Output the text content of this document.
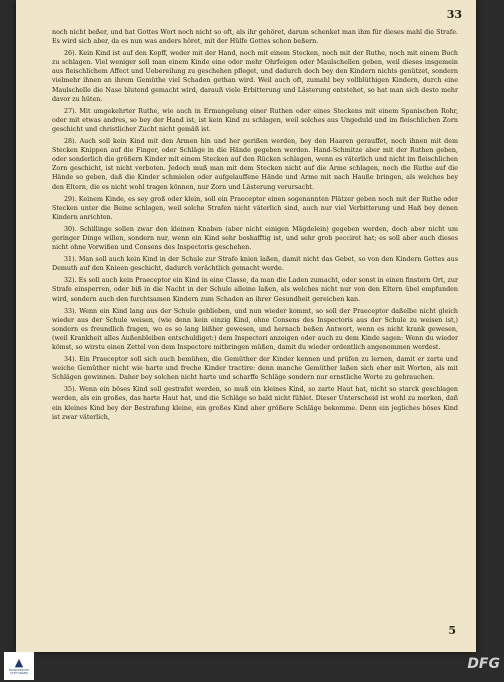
33

noch nicht beßer, und hat Gottes Wort noch nicht so oft, als ihr gehöret, darum schenket man ihm für dieses mahl die Strafe. Es wird sich aber, da es nun was anders höret, mit der Hülfe Gottes schon beßern.

26). Kein Kind ist auf den Kopff, weder mit der Hand, noch mit einem Stecken, noch mit der Ruthe, noch mit einem Buch zu schlagen. Viel weniger soll man einem Kinde eine oder mehr Ohrfeigen oder Maulschellen geben, weil dieses insgemein aus fleischlichem Affect und Uebereilung zu geschehen pfleget, und dadurch doch bey den Kindern nichts genützet, sondern vielmehr ihnen an ihrem Gemüthe viel Schaden gethan wird. Weil auch oft, zumahl bey vollblüthigen Kindern, durch eine Maulschelle die Nase blutend gemacht wird, darauß viele Erbitterung und Lästerung entstehet, so hat man sich desto mehr davor zu hüten.

27). Mit umgekehrter Ruthe, wie auch in Ermangelung einer Ruthen oder eines Steckens mit einem Spanischen Rohr, oder mit etwas andres, so bey der Hand ist, ist kein Kind zu schlagen, weil solches aus Ungeduld und im fleischlichen Zorn geschicht und christlicher Zucht nicht gemäß ist.

28). Auch soll kein Kind mit den Armen hin und her gerißen werden, bey den Haaren gerauffet, noch ihnen mit dem Stecken Knippen auf die Finger, oder Schläge in die Hände gegeben werden. Hand-Schmitze aber mit der Ruthen geben, oder sonderlich die größern Kinder mit einem Stecken auf den Rücken schlagen, wenn es väterlich und nicht im fleischlichen Zorn geschicht, ist nicht verboten. Jedoch muß man mit dem Stecken nicht auf die Arme schlagen, noch die Ruthe auf die Hände so geben, daß die Kinder schmielen oder aufgelauffene Hände und Arme mit nach Hauße bringen, als welches bey den Eltern, die es nicht wohl tragen können, nur Zorn und Lästerung verursacht.

29). Keinem Kinde, es sey groß oder klein, soll ein Praeceptor einen sogenannten Plätzer geben noch mit der Ruthe oder Stecken unter die Beine schlagen, weil solche Strafen nicht väterlich sind, auch nur viel Verbitterung und Haß bey denen Kindern anrichten.

30). Schillinge sollen zwar den kleinen Knaben (aber nicht einigen Mägdelein) gegeben werden, doch aber nicht um geringer Dinge willen, sondern nur, wenn ein Kind sehr boshafftig ist, und sehr grob pecciret hat; es soll aber auch dieses nicht ohne Vorwißen und Consens des Inspectoris geschehen.

31). Man soll auch kein Kind in der Schule zur Strafe knien laßen, damit nicht das Gebet, so von den Kindern Gottes aus Demuth auf den Knieen geschicht, dadurch verächtlich gemacht werde.

32). Es soll auch kein Praeceptor ein Kind in eine Classe, da man die Laden zumacht, oder sonst in einen finstern Ort, zur Strafe einsperren, oder biß in die Nacht in der Schule alleine laßen, als welches nicht nur von den Eltern übel empfunden wird, sondern auch den furchtsamen Kindern zum Schaden an ihrer Gesundheit gereichen kan.

33). Wenn ein Kind lang aus der Schule geblieben, und nun wieder kommt, so soll der Praeceptor daßelbe nicht gleich wieder aus der Schule weisen, (wie denn kein einzig Kind, ohne Consens des Inspectoris aus der Schule zu weisen ist,) sondern es freundlich fragen, wo es so lang bißher gewesen, und hernach beßen Antwort, wenn es nicht krank gewesen, (weil Krankheit alles Außenbleiben entschuldiget:) dem Inspectori anzeigen oder auch zu dem Kinde sagen: Wenn du wieder kömst, so wirstu einen Zettel von dem Inspectore mitbringen müßen, damit du wieder ordentlich angenommen werdest.

34). Ein Praeceptor soll sich auch bemühen, die Gemüther der Kinder kennen und prüfen zu lernen, damit er zarte und weiche Gemüther nicht wie harte und freche Kinder tractire: denn manche Gemüther laßen sich eher mit Worten, als mit Schlägen gewinnen. Daher bey solchen nicht harte und scharffe Schläge sondern nur ernstliche Worte zu gebrauchen.

35). Wenn ein böses Kind soll gestrafet werden, so muß ein kleines Kind, so zarte Haut hat, nicht so starck geschlagen werden, als ein großes, das harte Haut hat, und die Schläge so bald nicht fühlet. Dieser Unterscheid ist wohl zu merken, daß ein kleines Kind bey der Bestrafung kleine, ein großes Kind aber größere Schläge bekomme. Denn ein jegliches böses Kind ist zwar väterlich,

5
▲
FRANCKESCHE STIFTUNGEN
DFG
